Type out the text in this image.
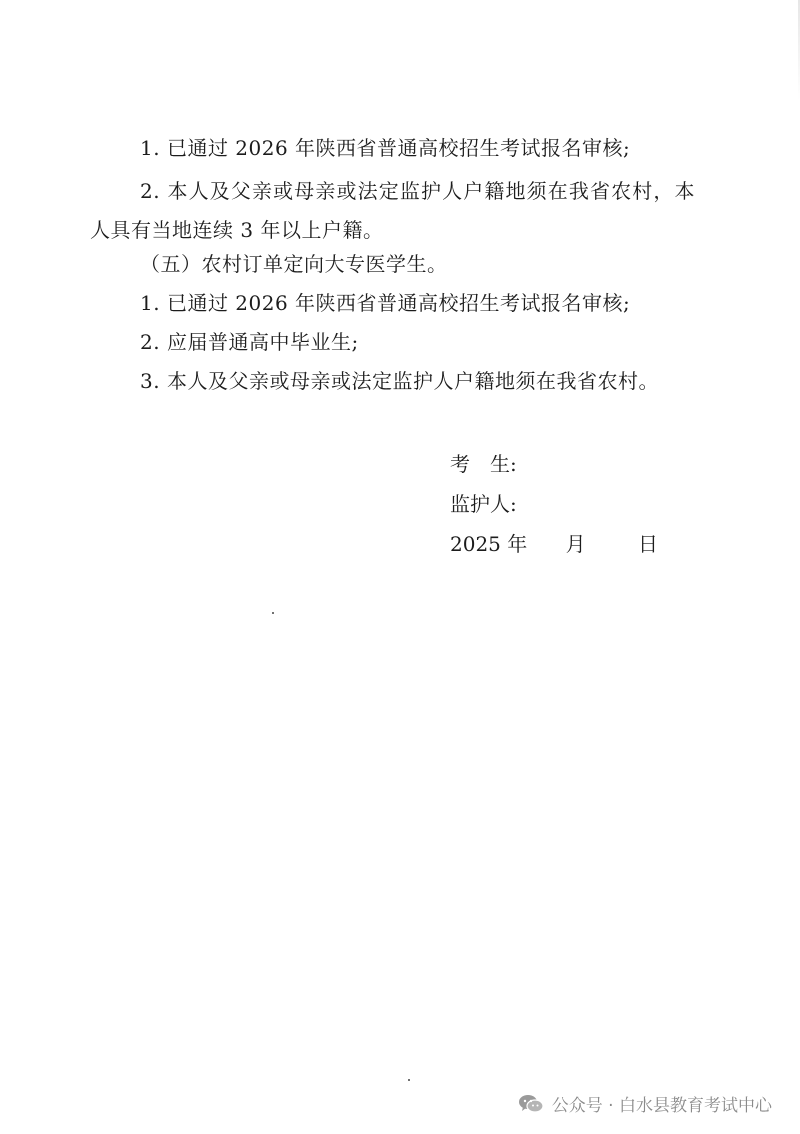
1. 已通过 2026 年陕西省普通高校招生考试报名审核;
2. 本人及父亲或母亲或法定监护人户籍地须在我省农村，本人具有当地连续 3 年以上户籍。
（五）农村订单定向大专医学生。
1. 已通过 2026 年陕西省普通高校招生考试报名审核;
2. 应届普通高中毕业生;
3. 本人及父亲或母亲或法定监护人户籍地须在我省农村。
考　生:
监护人:
2025 年 月	日
公众号 · 白水县教育考试中心
